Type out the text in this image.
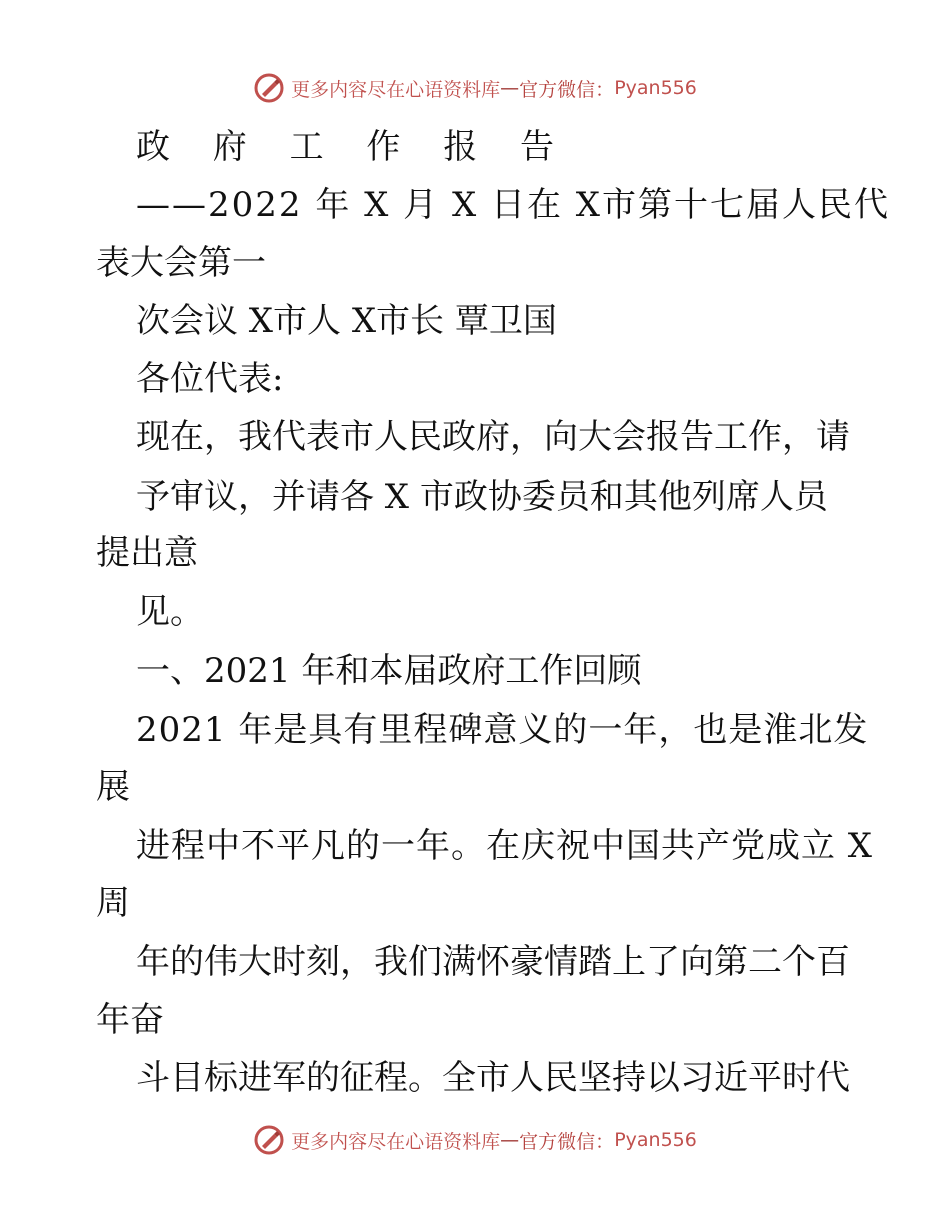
更多内容尽在心语资料库 — 官方微信： Pyan556
政 府 工 作 报 告
——2022 年 X 月 X 日在 X市第十七届人民代
表大会第一
次会议 X市人 X市长 覃卫国
各位代表:
现在，我代表市人民政府，向大会报告工作，请
予审议，并请各 X 市政协委员和其他列席人员
提出意
见。
一、2021 年和本届政府工作回顾
2021 年是具有里程碑意义的一年，也是淮北发
展
进程中不平凡的一年。在庆祝中国共产党成立 X
周
年的伟大时刻，我们满怀豪情踏上了向第二个百
年奋
斗目标进军的征程。全市人民坚持以习近平时代
更多内容尽在心语资料库 — 官方微信： Pyan556
